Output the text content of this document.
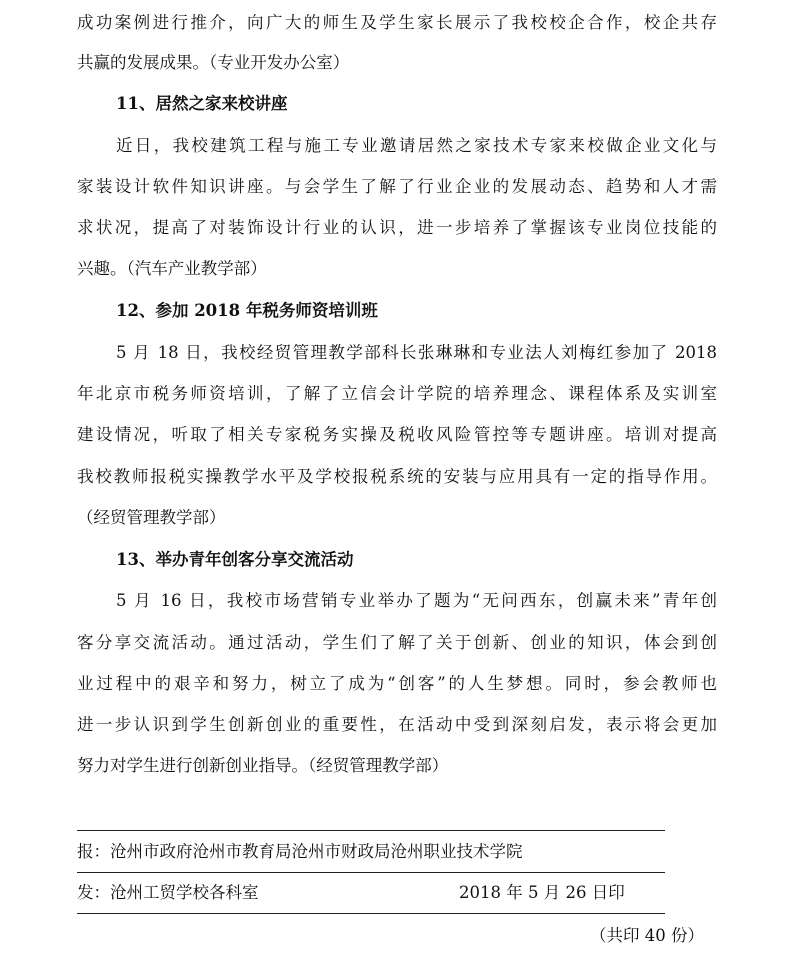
成功案例进行推介，向广大的师生及学生家长展示了我校校企合作，校企共存
共赢的发展成果。（专业开发办公室）
11、居然之家来校讲座
近日，我校建筑工程与施工专业邀请居然之家技术专家来校做企业文化与
家装设计软件知识讲座。与会学生了解了行业企业的发展动态、趋势和人才需
求状况，提高了对装饰设计行业的认识，进一步培养了掌握该专业岗位技能的
兴趣。（汽车产业教学部）
12、参加 2018 年税务师资培训班
5 月 18 日，我校经贸管理教学部科长张琳琳和专业法人刘梅红参加了 2018
年北京市税务师资培训，了解了立信会计学院的培养理念、课程体系及实训室
建设情况，听取了相关专家税务实操及税收风险管控等专题讲座。培训对提高
我校教师报税实操教学水平及学校报税系统的安装与应用具有一定的指导作用。
（经贸管理教学部）
13、举办青年创客分享交流活动
5 月 16 日，我校市场营销专业举办了题为“无问西东，创赢未来”青年创
客分享交流活动。通过活动，学生们了解了关于创新、创业的知识，体会到创
业过程中的艰辛和努力，树立了成为“创客”的人生梦想。同时，参会教师也
进一步认识到学生创新创业的重要性，在活动中受到深刻启发，表示将会更加
努力对学生进行创新创业指导。（经贸管理教学部）
报：沧州市政府沧州市教育局沧州市财政局沧州职业技术学院
发：沧州工贸学校各科室	2018 年 5 月 26 日印
（共印 40 份）
